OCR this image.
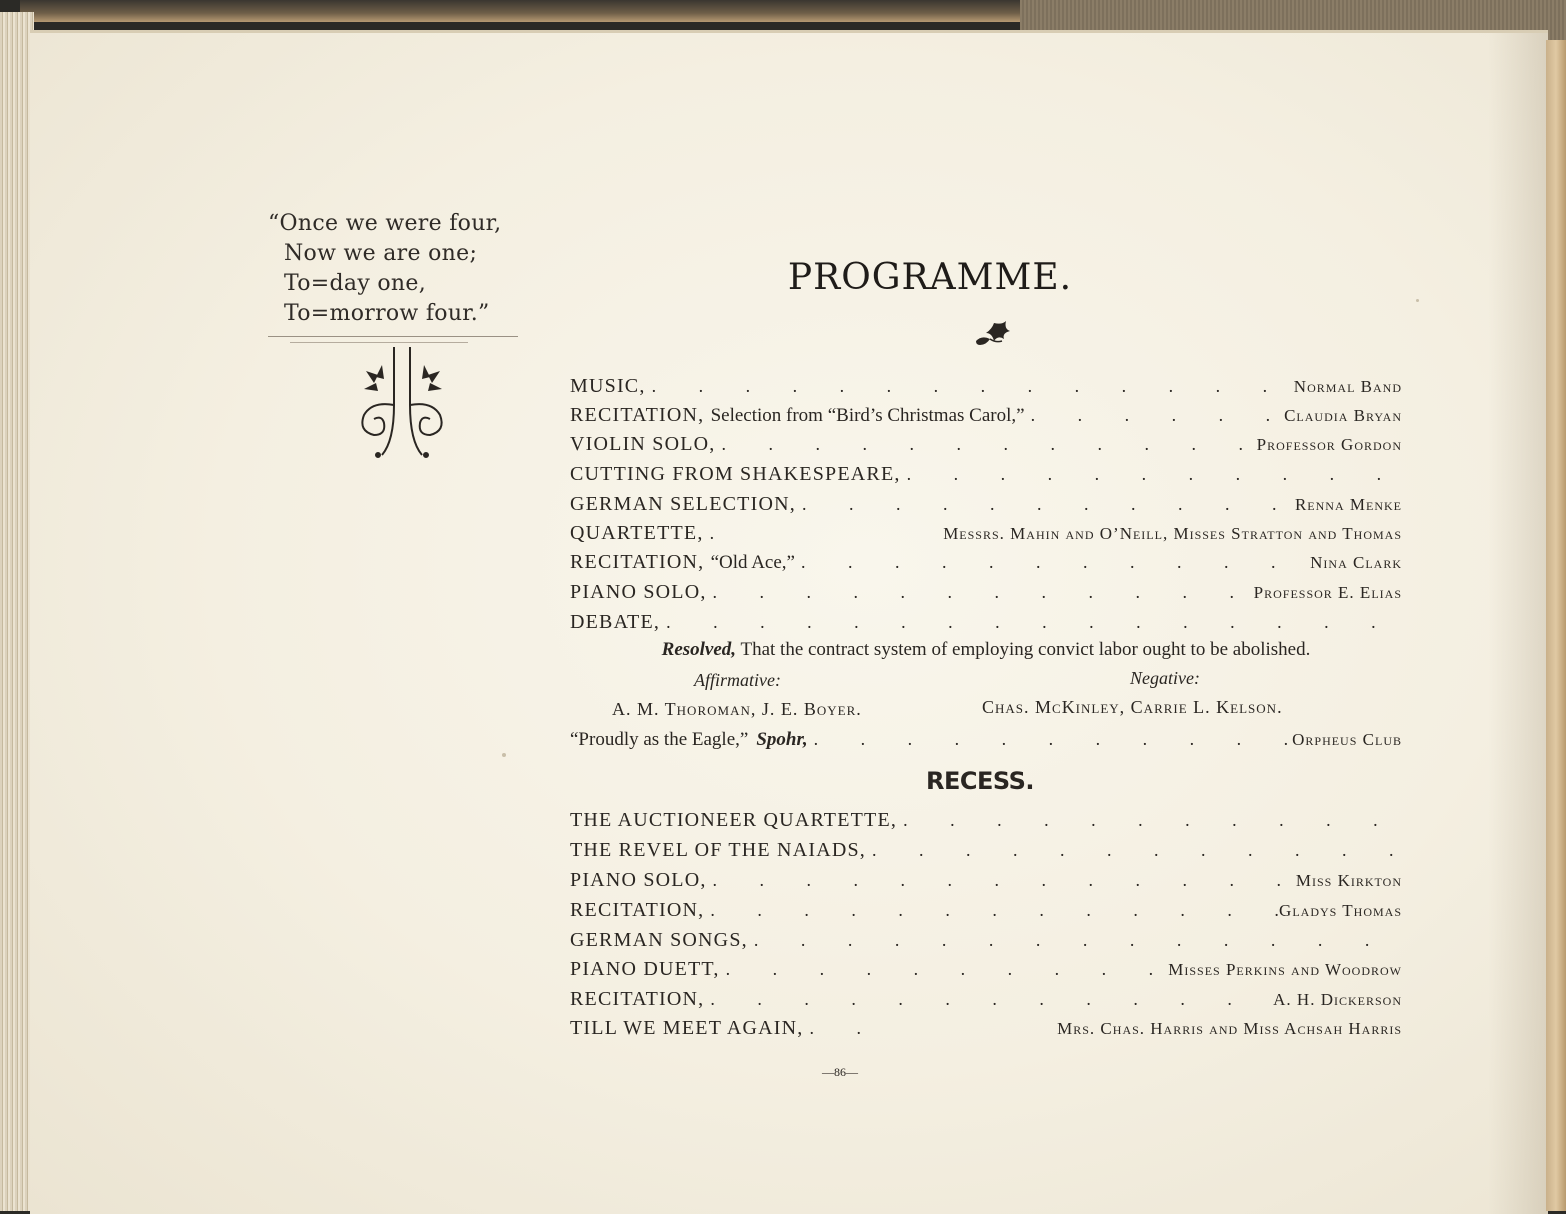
“Once we were four,
Now we are one;
To=day one,
To=morrow four.”
PROGRAMME.
MUSIC, . . .	Normal Band
RECITATION, Selection from “Bird’s Christmas Carol,” . . .	Claudia Bryan
VIOLIN SOLO, . . .	Professor Gordon
CUTTING FROM SHAKESPEARE,
. . .
GERMAN SELECTION, . . .	Renna Menke
QUARTETTE, . . .	Messrs. Mahin and O’Neill, Misses Stratton and Thomas
RECITATION, “Old Ace,” . . .	Nina Clark
PIANO SOLO, . . .	Professor E. Elias
DEBATE,
. . .
Resolved, That the contract system of employing convict labor ought to be abolished.
Affirmative:	Negative:
A. M. Thoroman, J. E. Boyer.	Chas. McKinley, Carrie L. Kelson.
“Proudly as the Eagle,” Spohr, . . .	Orpheus Club
RECESS.
THE AUCTIONEER QUARTETTE,
. . .
THE REVEL OF THE NAIADS,
. . .
PIANO SOLO, . . .	Miss Kirkton
RECITATION, . . .	Gladys Thomas
GERMAN SONGS,
. . .
PIANO DUETT, . . .	Misses Perkins and Woodrow
RECITATION, . . .	A. H. Dickerson
TILL WE MEET AGAIN, . . .	Mrs. Chas. Harris and Miss Achsah Harris
—86—
